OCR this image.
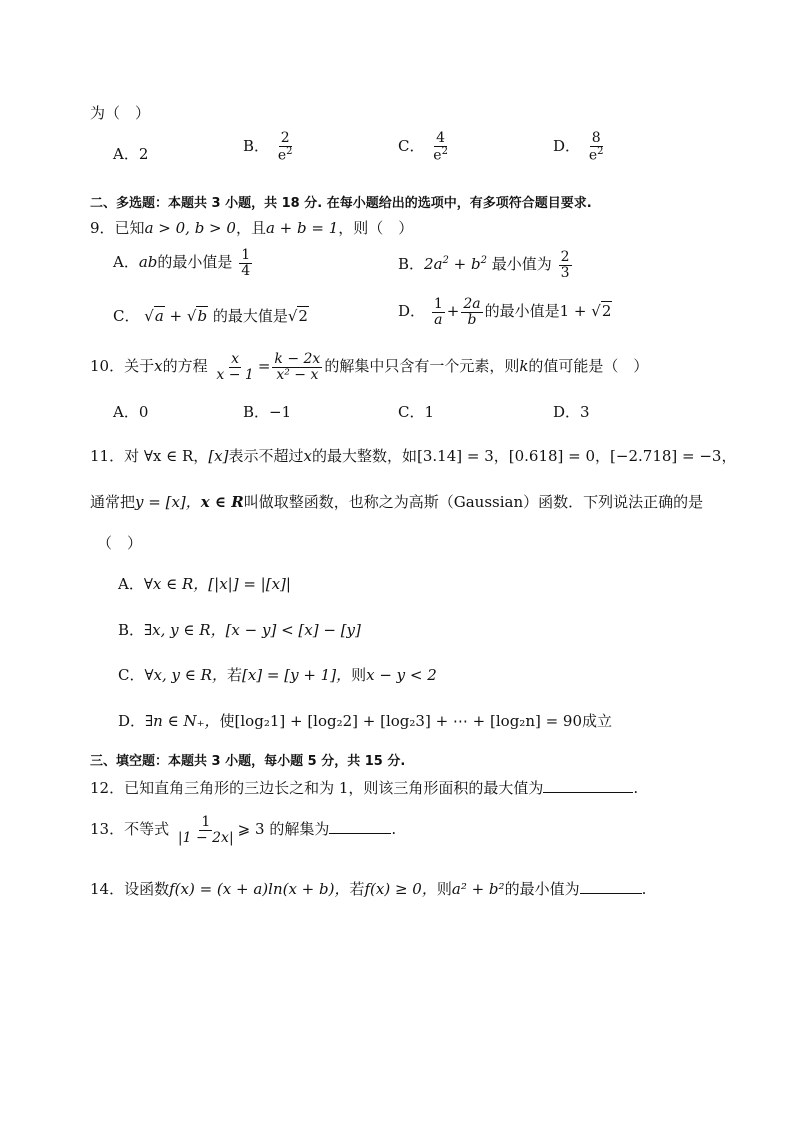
为（　）
A．2	B． $\frac{2}{e^2}$	C． $\frac{4}{e^2}$	D． $\frac{8}{e^2}$
二、多选题：本题共 3 小题，共 18 分. 在每小题给出的选项中，有多项符合题目要求.
9．已知a > 0, b > 0，且a + b = 1，则（　）
A．ab的最小值是 $\frac{1}{4}$	B．$2a^2 + b^2$ 最小值为 $\frac{2}{3}$
C． √a + √b 的最大值是√2	D． $\frac{1}{a} + \frac{2a}{b}$ 的最小值是1 + √2
10．关于x的方程 $\frac{x}{x - 1} = \frac{k - 2x}{\text{x² − x}}$ 的解集中只含有一个元素，则k的值可能是（　）
A．0	B．−1	C．1	D．3
11．对 ∀x ∈ R，[x]表示不超过x的最大整数，如[3.14] = 3，[0.618] = 0，[−2.718] = −3，
通常把y = [x]，x ∈ R叫做取整函数，也称之为高斯（Gaussian）函数．下列说法正确的是
（　）
A．∀x ∈ R，[|x|] = |[x]|
B．∃x, y ∈ R，[x − y] < [x] − [y]
C．∀x, y ∈ R，若[x] = [y + 1]，则x − y < 2
D．∃n ∈ N₊，使[log₂1] + [log₂2] + [log₂3] + ⋯ + [log₂n] = 90成立
三、填空题：本题共 3 小题，每小题 5 分，共 15 分.
12．已知直角三角形的三边长之和为 1，则该三角形面积的最大值为	.
13．不等式 $\frac{1}{|1 - 2x|}$ ⩾ 3 的解集为	.
14．设函数f(x) = (x + a)ln(x + b)，若f(x) ≥ 0，则a² + b²的最小值为	.
